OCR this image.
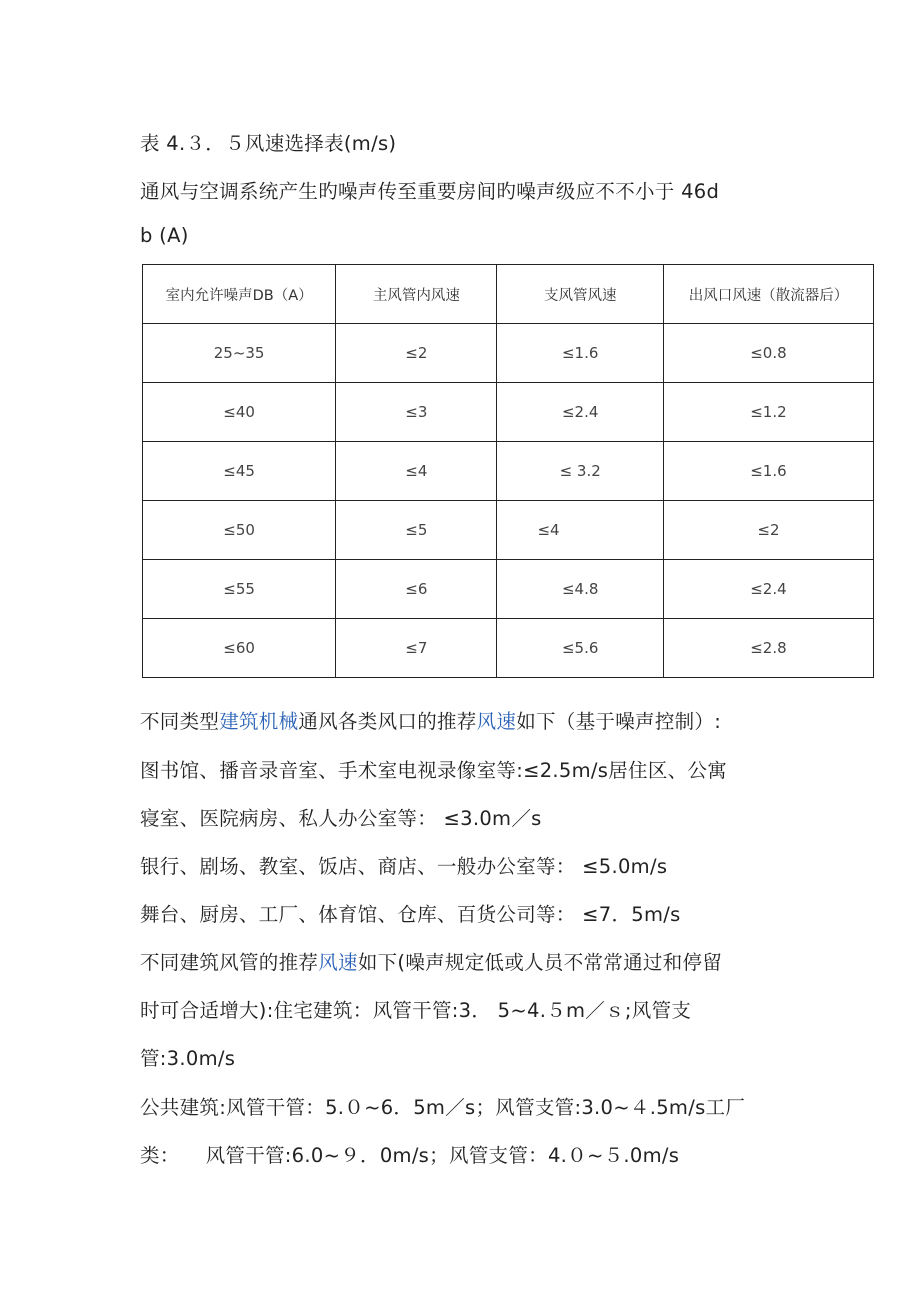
表 4.３．５风速选择表(m/s)
通风与空调系统产生旳噪声传至重要房间旳噪声级应不不小于 46d
b (A)
室内允许噪声DB（A）	主风管内风速	支风管风速	出风口风速（散流器后）
25~35	≤2	≤1.6	≤0.8
≤40	≤3	≤2.4	≤1.2
≤45	≤4	≤ 3.2	≤1.6
≤50	≤5	≤4	≤2
≤55	≤6	≤4.8	≤2.4
≤60	≤7	≤5.6	≤2.8
不同类型建筑机械通风各类风口的推荐风速如下（基于噪声控制）:
图书馆、播音录音室、手术室电视录像室等:≤2.5m/s﻿居住区、公寓
寝室、医院病房、私人办公室等： ≤3.0m／s
银行、剧场、教室、饭店、商店、一般办公室等： ≤5.0m/s
舞台、厨房、工厂、体育馆、仓库、百货公司等： ≤7．5m/s
不同建筑风管的推荐风速如下(噪声规定低或人员不常常通过和停留
时可合适增大):﻿住宅建筑：风管干管:3． 5~4.５m／ｓ;风管支
管:3.0m/s
公共建筑:风管干管：5.０~6．5m／s；风管支管:3.0~４.5m/s﻿工厂
类：    风管干管:6.0~９．0m/s；风管支管：4.０~５.0m/s
